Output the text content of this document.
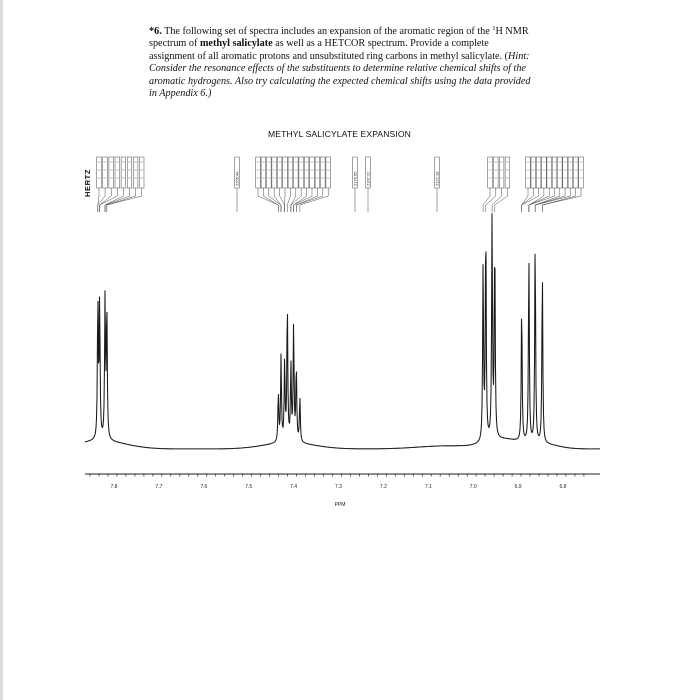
*6. The following set of spectra includes an expansion of the aromatic region of the $^1$H NMR
spectrum of methyl salicylate as well as a HETCOR spectrum. Provide a complete
assignment of all aromatic protons and unsubstituted ring carbons in methyl salicylate. (Hint:
Consider the resonance effects of the substituents to determine relative chemical shifts of the
aromatic hydrogens. Also try calculating the expected chemical shifts using the data provided
in Appendix 6.)
METHYL SALICYLATE EXPANSION
HERTZ
7.8	7.7	7.6	7.5	7.4	7.3	7.2	7.1	7.0	6.9	6.8
PPM
2256.49	2176.65 2167.22	2122.18
